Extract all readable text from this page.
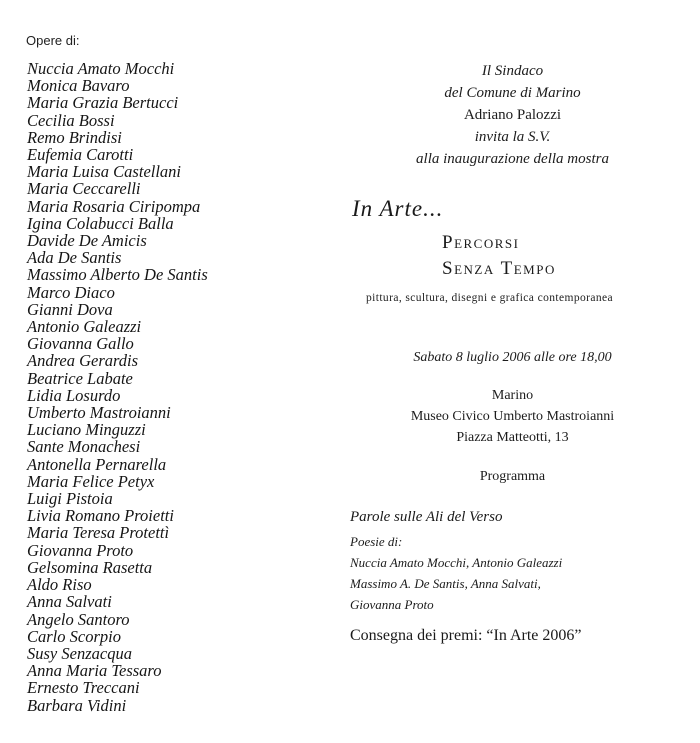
Opere di:
Nuccia Amato Mocchi
Monica Bavaro
Maria Grazia Bertucci
Cecilia Bossi
Remo Brindisi
Eufemia Carotti
Maria Luisa Castellani
Maria Ceccarelli
Maria Rosaria Ciripompa
Igina Colabucci Balla
Davide De Amicis
Ada De Santis
Massimo Alberto De Santis
Marco Diaco
Gianni Dova
Antonio Galeazzi
Giovanna Gallo
Andrea Gerardis
Beatrice Labate
Lidia Losurdo
Umberto Mastroianni
Luciano Minguzzi
Sante Monachesi
Antonella Pernarella
Maria Felice Petyx
Luigi Pistoia
Livia Romano Proietti
Maria Teresa Protettì
Giovanna Proto
Gelsomina Rasetta
Aldo Riso
Anna Salvati
Angelo Santoro
Carlo Scorpio
Susy Senzacqua
Anna Maria Tessaro
Ernesto Treccani
Barbara Vidini
Il Sindaco
del Comune di Marino
Adriano Palozzi
invita la S.V.
alla inaugurazione della mostra
In Arte...
Percorsi
Senza Tempo
pittura, scultura, disegni e grafica contemporanea
Sabato 8 luglio 2006 alle ore 18,00
Marino
Museo Civico Umberto Mastroianni
Piazza Matteotti, 13
Programma
Parole sulle Ali del Verso
Poesie di:
Nuccia Amato Mocchi, Antonio Galeazzi
Massimo A. De Santis, Anna Salvati,
Giovanna Proto
Consegna dei premi: “In Arte 2006”
